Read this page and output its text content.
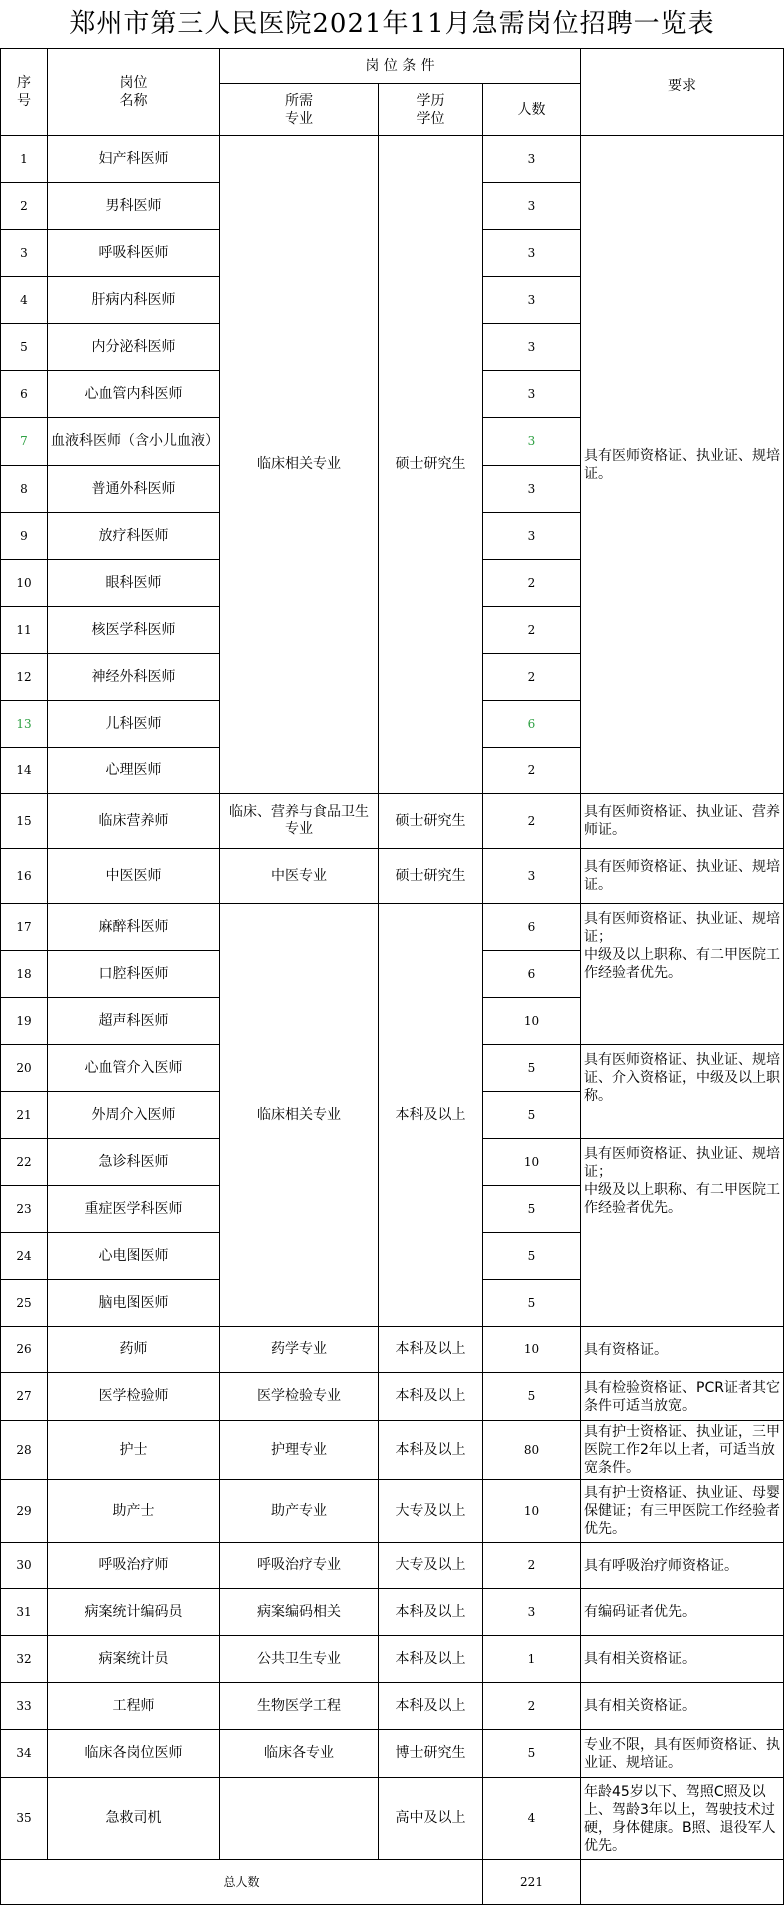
郑州市第三人民医院2021年11月急需岗位招聘一览表
序
号	岗位
名称	岗 位 条 件			要求
		所需
专业	学历
学位	人数	
1	妇产科医师	临床相关专业	硕士研究生	3	具有医师资格证、执业证、规培证。
2	男科医师			3	
3	呼吸科医师			3	
4	肝病内科医师			3	
5	内分泌科医师			3	
6	心血管内科医师			3	
7	血液科医师（含小儿血液）			3	
8	普通外科医师			3	
9	放疗科医师			3	
10	眼科医师			2	
11	核医学科医师			2	
12	神经外科医师			2	
13	儿科医师			6	
14	心理医师			2	
15	临床营养师	临床、营养与食品卫生专业	硕士研究生	2	具有医师资格证、执业证、营养师证。
16	中医医师	中医专业	硕士研究生	3	具有医师资格证、执业证、规培证。
17	麻醉科医师	临床相关专业	本科及以上	6	具有医师资格证、执业证、规培证；
中级及以上职称、有二甲医院工作经验者优先。
18	口腔科医师			6	
19	超声科医师			10	
20	心血管介入医师			5	具有医师资格证、执业证、规培证、介入资格证，中级及以上职称。
21	外周介入医师			5	
22	急诊科医师			10	具有医师资格证、执业证、规培证；
中级及以上职称、有二甲医院工作经验者优先。
23	重症医学科医师			5	
24	心电图医师			5	
25	脑电图医师			5	
26	药师	药学专业	本科及以上	10	具有资格证。
27	医学检验师	医学检验专业	本科及以上	5	具有检验资格证、PCR证者其它条件可适当放宽。
28	护士	护理专业	本科及以上	80	具有护士资格证、执业证，三甲医院工作2年以上者，可适当放宽条件。
29	助产士	助产专业	大专及以上	10	具有护士资格证、执业证、母婴保健证；有三甲医院工作经验者优先。
30	呼吸治疗师	呼吸治疗专业	大专及以上	2	具有呼吸治疗师资格证。
31	病案统计编码员	病案编码相关	本科及以上	3	有编码证者优先。
32	病案统计员	公共卫生专业	本科及以上	1	具有相关资格证。
33	工程师	生物医学工程	本科及以上	2	具有相关资格证。
34	临床各岗位医师	临床各专业	博士研究生	5	专业不限，具有医师资格证、执业证、规培证。
35	急救司机		高中及以上	4	年龄45岁以下、驾照C照及以上、驾龄3年以上，驾驶技术过硬，身体健康。B照、退役军人优先。
总人数				221	
